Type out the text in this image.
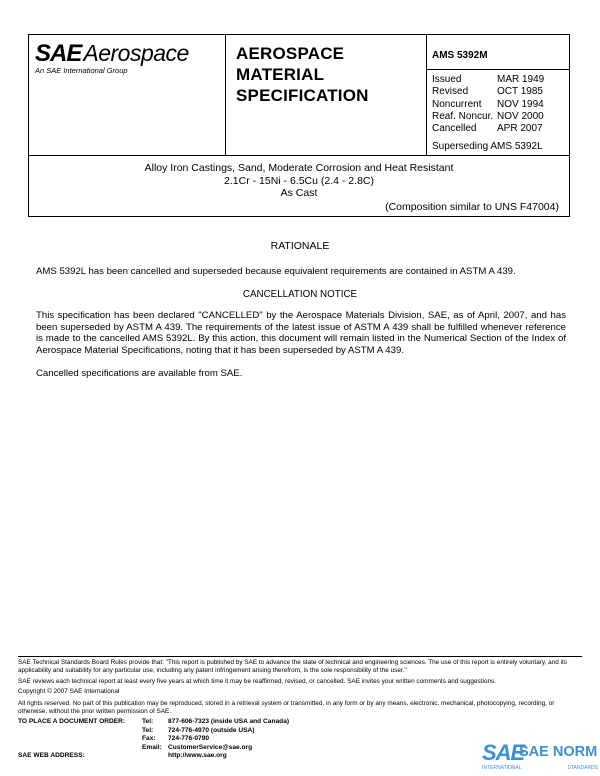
SAEAerospace
An SAE International Group
AEROSPACE
MATERIAL
SPECIFICATION
AMS 5392M
Issued	MAR 1949
Revised	OCT 1985
Noncurrent	NOV 1994
Reaf. Noncur. NOV 2000
Cancelled	APR 2007
Superseding AMS 5392L
Alloy Iron Castings, Sand, Moderate Corrosion and Heat Resistant
2.1Cr - 15Ni - 6.5Cu (2.4 - 2.8C)
As Cast
(Composition similar to UNS F47004)
RATIONALE
AMS 5392L has been cancelled and superseded because equivalent requirements are contained in ASTM A 439.
CANCELLATION NOTICE
This specification has been declared "CANCELLED" by the Aerospace Materials Division, SAE, as of April, 2007, and has been superseded by ASTM A 439. The requirements of the latest issue of ASTM A 439 shall be fulfilled whenever reference is made to the cancelled AMS 5392L. By this action, this document will remain listed in the Numerical Section of the Index of Aerospace Material Specifications, noting that it has been superseded by ASTM A 439.
Cancelled specifications are available from SAE.
SAE Technical Standards Board Rules provide that: "This report is published by SAE to advance the state of technical and engineering sciences. The use of this report is entirely voluntary, and its applicability and suitability for any particular use, including any patent infringement arising therefrom, is the sole responsibility of the user."
SAE reviews each technical report at least every five years at which time it may be reaffirmed, revised, or cancelled. SAE invites your written comments and suggestions.
Copyright © 2007 SAE International
All rights reserved. No part of this publication may be reproduced, stored in a retrieval system or transmitted, in any form or by any means, electronic, mechanical, photocopying, recording, or otherwise, without the prior written permission of SAE.
TO PLACE A DOCUMENT ORDER:	Tel:	877-606-7323 (inside USA and Canada)
Tel:	724-776-4970 (outside USA)
Fax:	724-776-0790
Email: CustomerService@sae.org
SAE WEB ADDRESS:	http://www.sae.org	SAE
SAE NORM
INTERNATIONAL	STANDARDS
